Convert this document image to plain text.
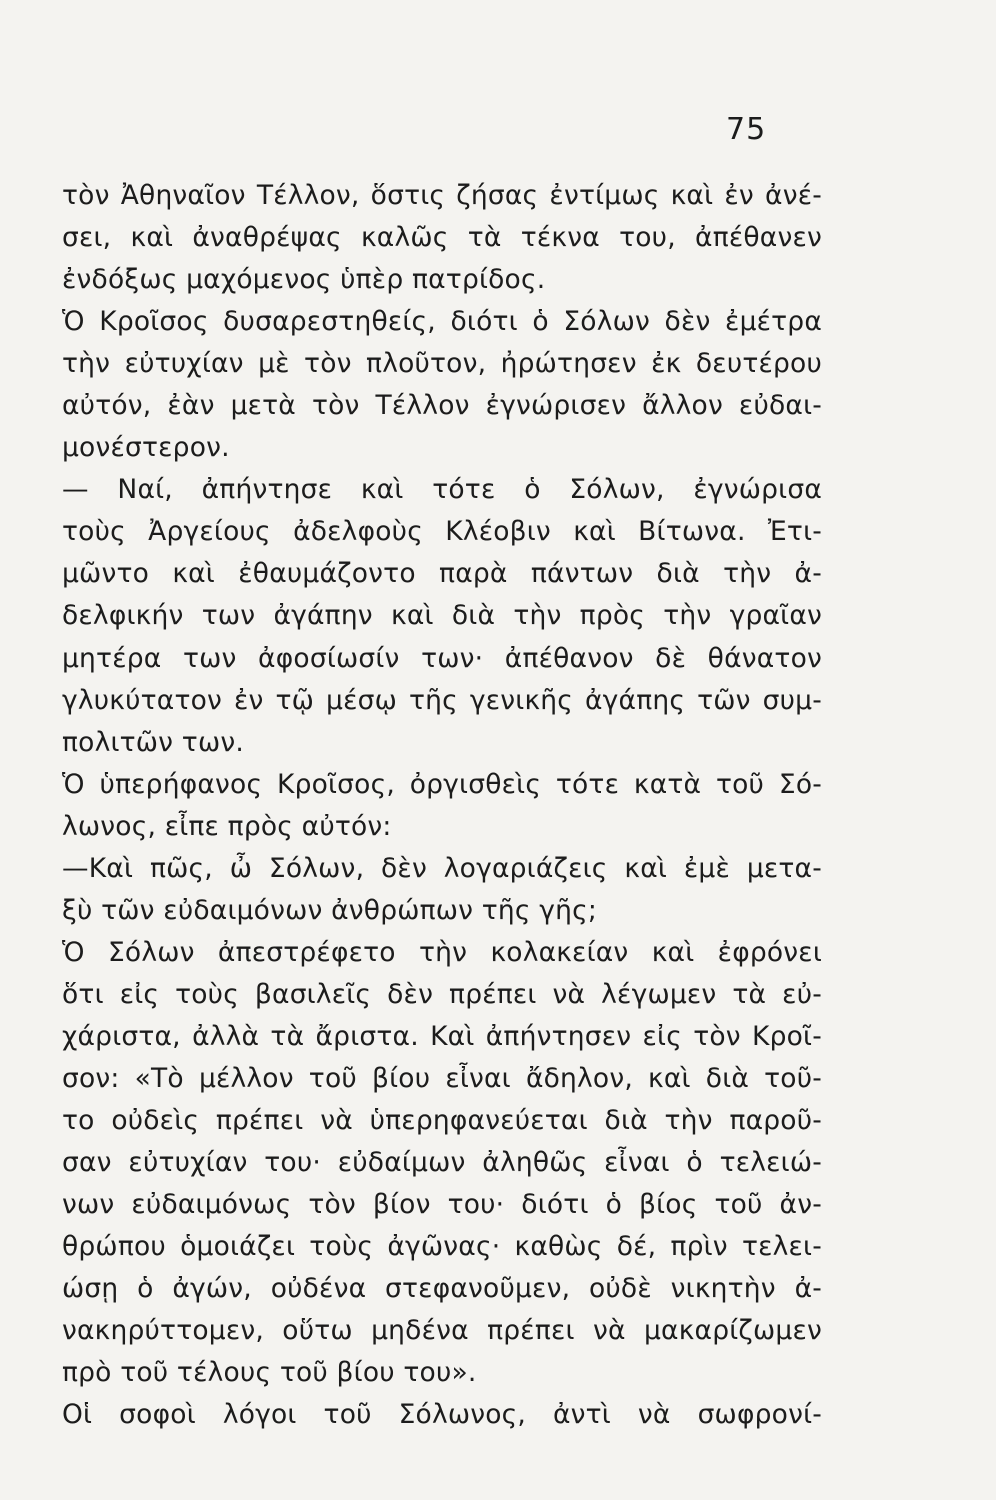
75
τὸν Ἀθηναῖον Τέλλον, ὅστις ζήσας ἐντίμως καὶ ἐν ἀνέ-
σει, καὶ ἀναθρέψας καλῶς τὰ τέκνα του, ἀπέθανεν
ἐνδόξως μαχόμενος ὑπὲρ πατρίδος.
Ὁ Κροῖσος δυσαρεστηθείς, διότι ὁ Σόλων δὲν ἐμέτρα
τὴν εὐτυχίαν μὲ τὸν πλοῦτον, ἠρώτησεν ἐκ δευτέρου
αὐτόν, ἐὰν μετὰ τὸν Τέλλον ἐγνώρισεν ἄλλον εὐδαι-
μονέστερον.
— Ναί, ἀπήντησε καὶ τότε ὁ Σόλων, ἐγνώρισα
τοὺς Ἀργείους ἀδελφοὺς Κλέοβιν καὶ Βίτωνα. Ἐτι-
μῶντο καὶ ἐθαυμάζοντο παρὰ πάντων διὰ τὴν ἀ-
δελφικήν των ἀγάπην καὶ διὰ τὴν πρὸς τὴν γραῖαν
μητέρα των ἀφοσίωσίν των· ἀπέθανον δὲ θάνατον
γλυκύτατον ἐν τῷ μέσῳ τῆς γενικῆς ἀγάπης τῶν συμ-
πολιτῶν των.
Ὁ ὑπερήφανος Κροῖσος, ὀργισθεὶς τότε κατὰ τοῦ Σό-
λωνος, εἶπε πρὸς αὐτόν:
—Καὶ πῶς, ὦ Σόλων, δὲν λογαριάζεις καὶ ἐμὲ μετα-
ξὺ τῶν εὐδαιμόνων ἀνθρώπων τῆς γῆς;
Ὁ Σόλων ἀπεστρέφετο τὴν κολακείαν καὶ ἐφρόνει
ὅτι εἰς τοὺς βασιλεῖς δὲν πρέπει νὰ λέγωμεν τὰ εὐ-
χάριστα, ἀλλὰ τὰ ἄριστα. Καὶ ἀπήντησεν εἰς τὸν Κροῖ-
σον: «Τὸ μέλλον τοῦ βίου εἶναι ἄδηλον, καὶ διὰ τοῦ-
το οὐδεὶς πρέπει νὰ ὑπερηφανεύεται διὰ τὴν παροῦ-
σαν εὐτυχίαν του· εὐδαίμων ἀληθῶς εἶναι ὁ τελειώ-
νων εὐδαιμόνως τὸν βίον του· διότι ὁ βίος τοῦ ἀν-
θρώπου ὁμοιάζει τοὺς ἀγῶνας· καθὼς δέ, πρὶν τελει-
ώσῃ ὁ ἀγών, οὐδένα στεφανοῦμεν, οὐδὲ νικητὴν ἀ-
νακηρύττομεν, οὕτω μηδένα πρέπει νὰ μακαρίζωμεν
πρὸ τοῦ τέλους τοῦ βίου του».
Οἱ σοφοὶ λόγοι τοῦ Σόλωνος, ἀντὶ νὰ σωφρονί-
